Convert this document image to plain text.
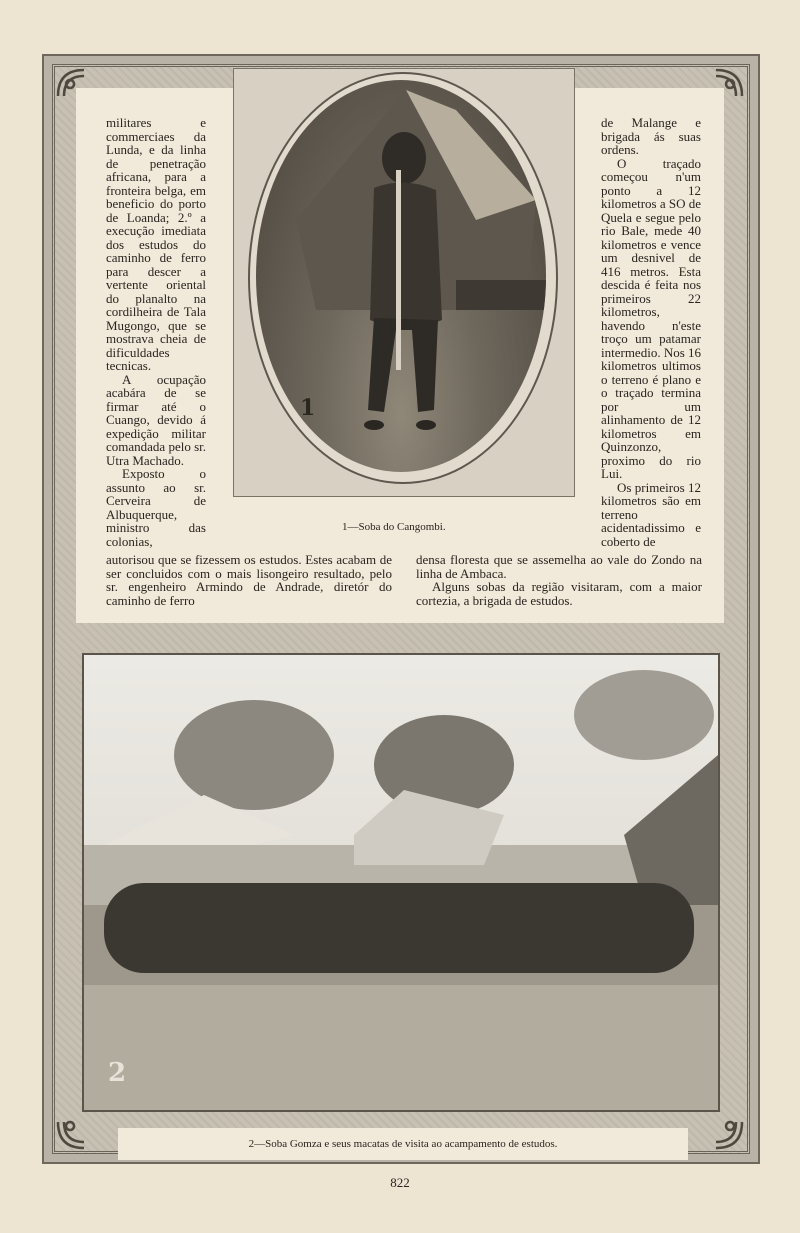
militares e commerciaes da Lunda, e da linha de penetração africana, para a fronteira belga, em beneficio do porto de Loanda; 2.º a execução imediata dos estudos do caminho de ferro para descer a vertente oriental do planalto na cordilheira de Tala Mugongo, que se mostrava cheia de dificuldades tecnicas.

A ocupação acabára de se firmar até o Cuango, devido á expedição militar comandada pelo sr. Utra Machado.

Exposto o assunto ao sr. Cerveira de Albuquerque, ministro das colonias,

autorisou que se fizessem os estudos. Estes acabam de ser concluidos com o mais lisongeiro resultado, pelo sr. engenheiro Armindo de Andrade, diretór do caminho de ferro

de Malange e brigada ás suas ordens.

O traçado começou n'um ponto a 12 kilometros a SO de Quela e segue pelo rio Bale, mede 40 kilometros e vence um desnivel de 416 metros. Esta descida é feita nos primeiros 22 kilometros, havendo n'este troço um patamar intermedio. Nos 16 kilometros ultimos o terreno é plano e o traçado termina por um alinhamento de 12 kilometros em Quinzonzo, proximo do rio Lui.

Os primeiros 12 kilometros são em terreno acidentadissimo e coberto de

densa floresta que se assemelha ao vale do Zondo na linha de Ambaca.

Alguns sobas da região visitaram, com a maior cortezia, a brigada de estudos.

1
1—Soba do Cangombi.
2
2—Soba Gomza e seus macatas de visita ao acampamento de estudos.
822
